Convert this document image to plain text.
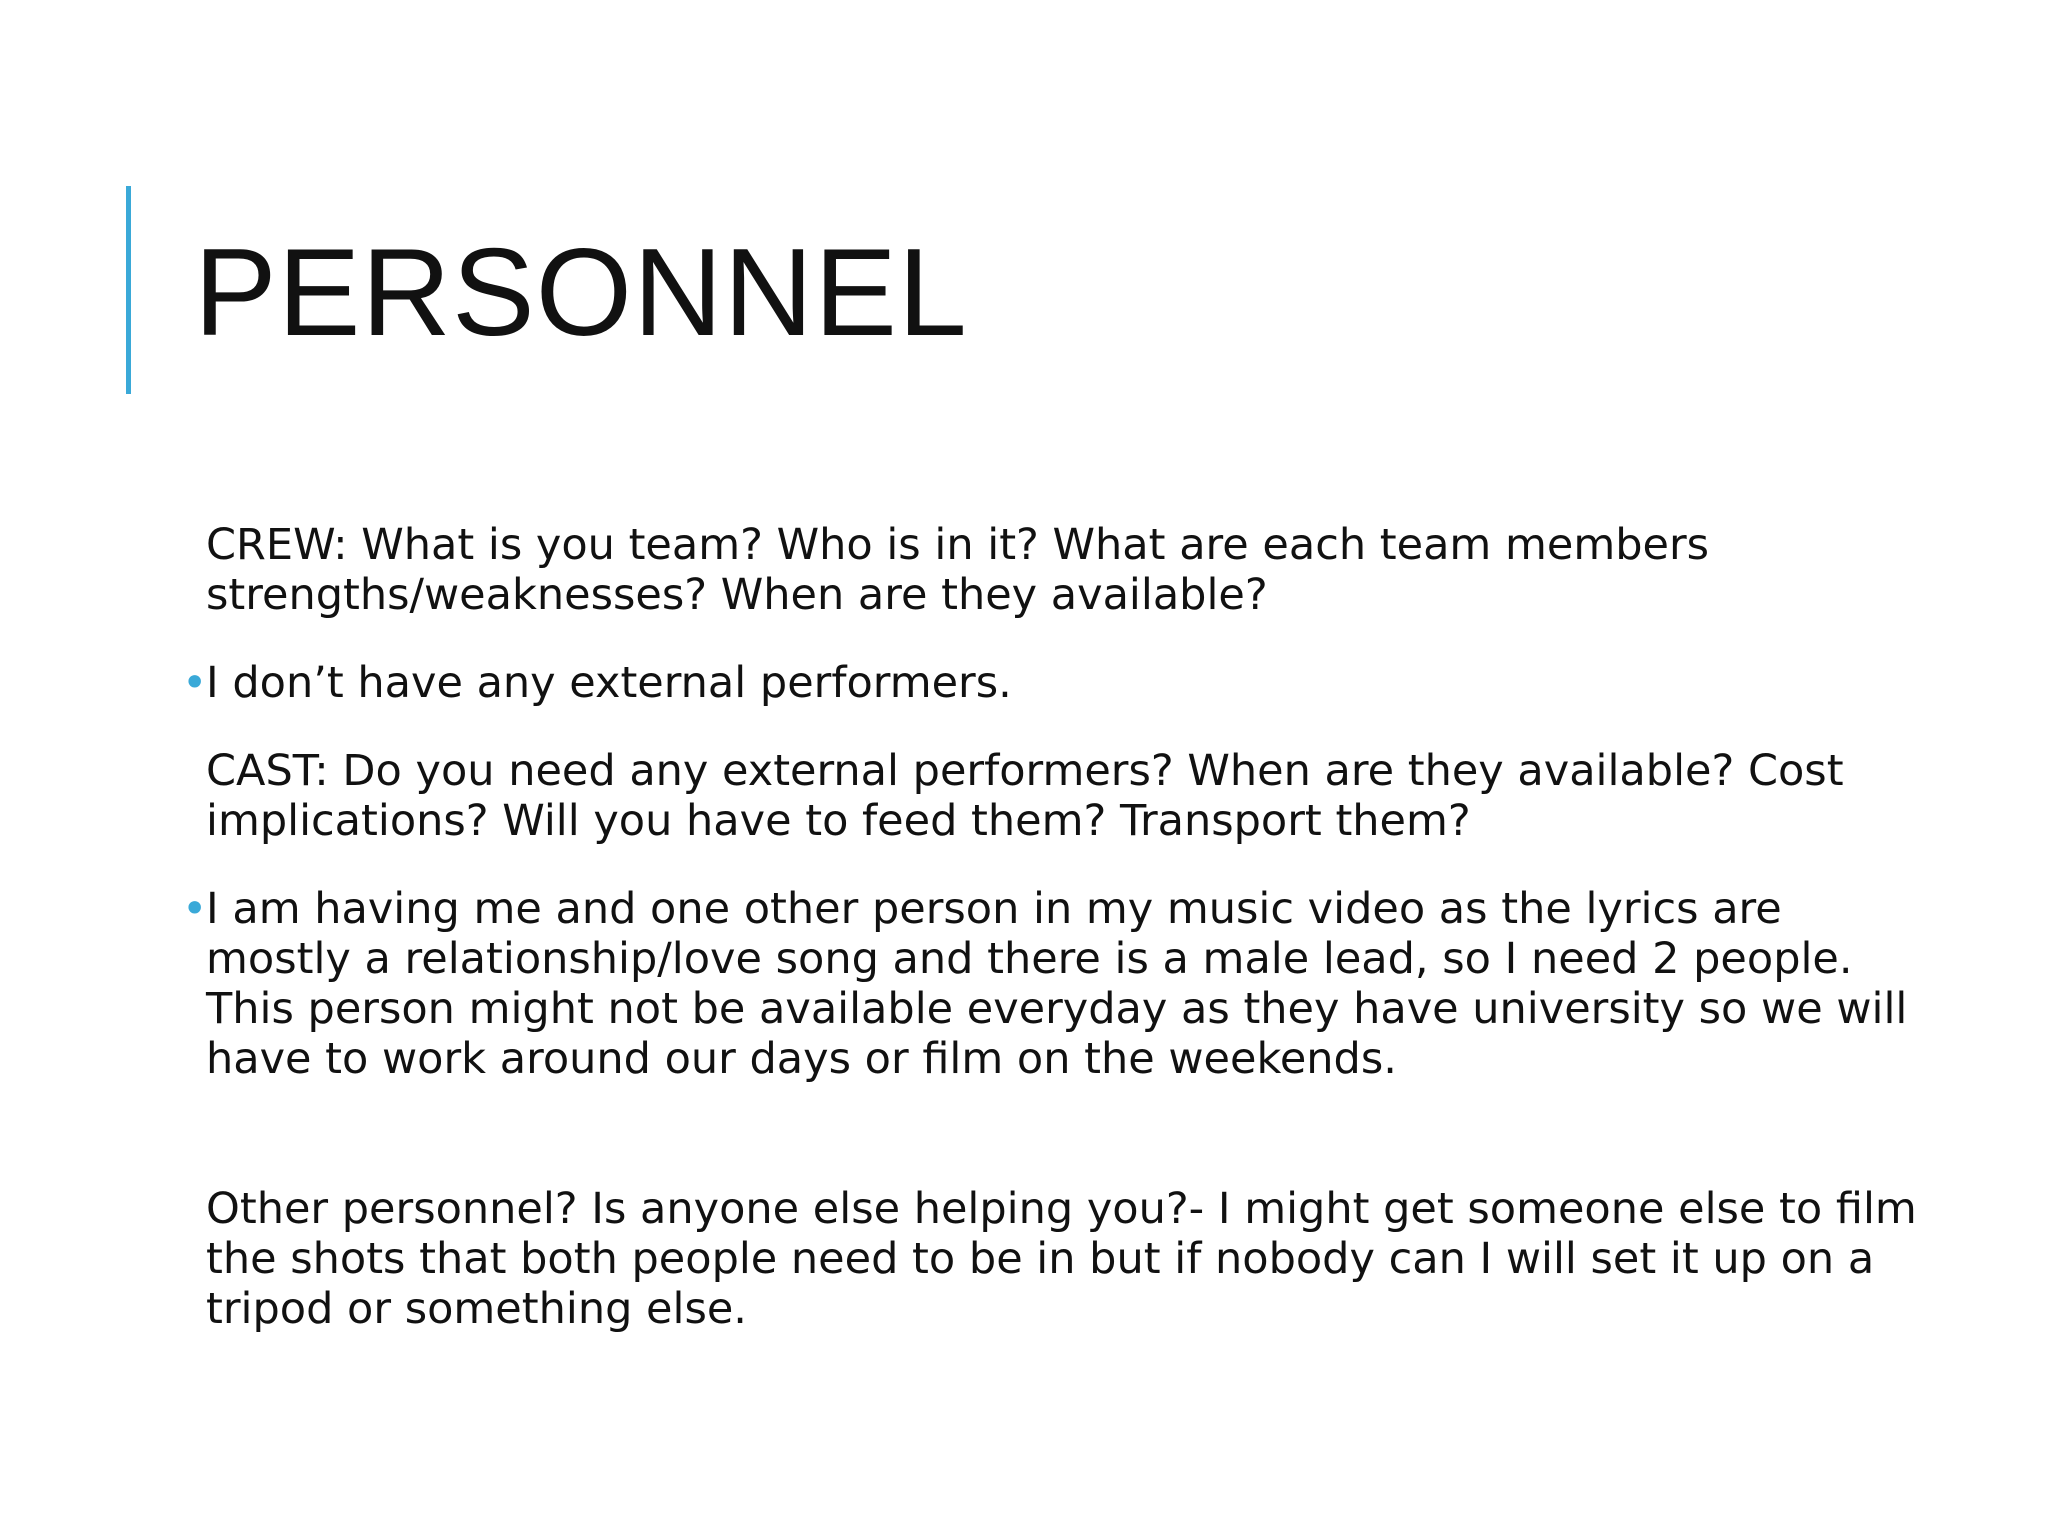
PERSONNEL

CREW: What is you team? Who is in it? What are each team members strengths/weaknesses? When are they available?

•
I don’t have any external performers.

CAST: Do you need any external performers? When are they available? Cost implications? Will you have to feed them? Transport them?

•
I am having me and one other person in my music video as the lyrics are mostly a relationship/love song and there is a male lead, so I need 2 people. This person might not be available everyday as they have university so we will have to work around our days or film on the weekends.

Other personnel? Is anyone else helping you?- I might get someone else to film the shots that both people need to be in but if nobody can I will set it up on a tripod or something else.
